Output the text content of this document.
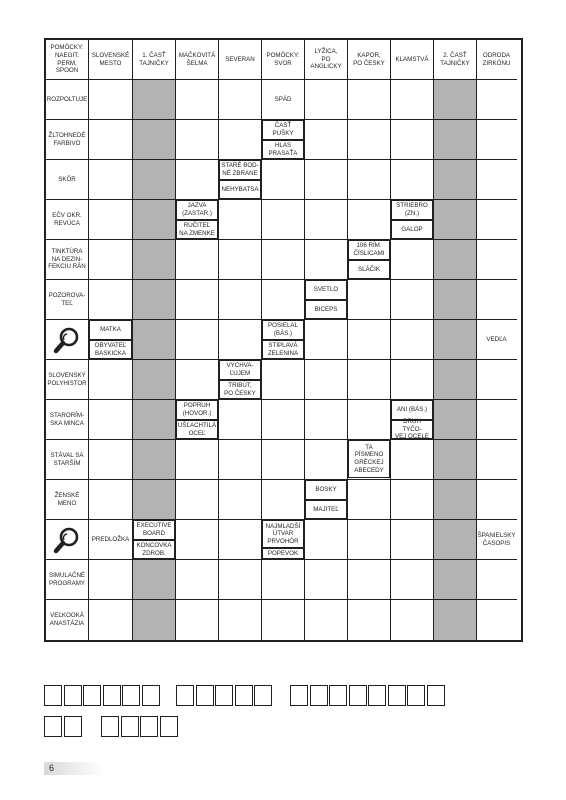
POMÔCKY:
NAEGIT,
PERM,
SPOON
SLOVENSKÉ
MESTO
1. ČASŤ
TAJNIČKY
MAČKOVITÁ
ŠELMA
SEVERAN
POMÔCKY:
SVOR
LYŽICA,
PO ANGLICKY
KAPOR,
PO ČESKY
KLAMSTVÁ
2. ČASŤ
TAJNIČKY
ODRODA
ZIRKÓNU
ROZPOLTUJE
ŽLTOHNEDÉ
FARBIVO
SKÔR
EČV OKR.
REVÚCA
TINKTÚRA
NA DEZIN-
FEKCIU RÁN
POZOROVA-
TEĽ
SLOVENSKÝ
POLYHISTOR
STARORÍM-
SKA MINCA
STÁVAL SA
STARŠÍM
ŽENSKÉ
MENO
SIMULAČNÉ
PROGRAMY
VEĽKOOKÁ
ANASTÁZIA
SPÁD
ČASŤ PUŠKY
HLAS
PRASAŤA
STARÉ BOD-
NÉ ZBRANE
NEHYBATSA
JAZVA
(ZASTAR.)
RUČITEĽ
NA ZMENKE
STRIEBRO
(ZN.)
GALOP
106 RÍM.
ČÍSLICAMI
SLÁČIK
SVETLO
BICEPS
MATKA
OBYVATEĽ
BASKICKA
POSIELAL
(BÁS.)
STIPLAVÁ
ZELENINA
VEDĽA
VYCHVA-
ĽUJEM
TRIBÚT,
PO ČESKY
POPRUH
(HOVOR.)
UŠĽACHTILÁ
OCEĽ
ANI (BÁS.)
DRUH TYČO-
VEJ OCELE
TA
PÍSMENO
GRÉCKEJ
ABECEDY
BOSKY
MAJITEĽ
PREDLOŽKA
EXECUTIVE
BOARD
KONCOVKA
ZDROB.
NAJMLADŠÍ
ÚTVAR
PRVOHÔR
POPEVOK
ŠPANIELSKY
ČASOPIS
6
